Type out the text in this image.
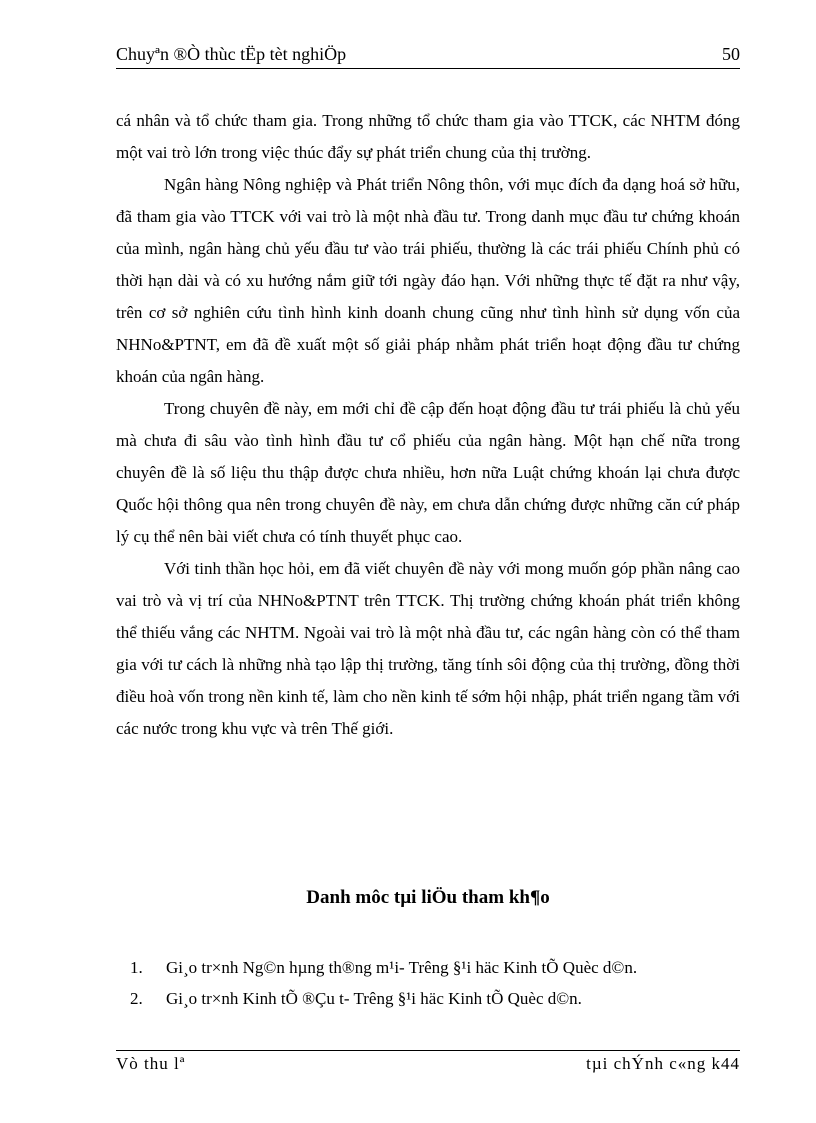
Chuyªn ®Ò thùc tËp tèt nghiÖp	50

cá nhân và tổ chức tham gia. Trong những tổ chức tham gia vào TTCK, các NHTM đóng một vai trò lớn trong việc thúc đẩy sự phát triển chung của thị trường.

Ngân hàng Nông nghiệp và Phát triển Nông thôn, với mục đích đa dạng hoá sở hữu, đã tham gia vào TTCK với vai trò là một nhà đầu tư. Trong danh mục đầu tư chứng khoán của mình, ngân hàng chủ yếu đầu tư vào trái phiếu, thường là các trái phiếu Chính phủ có thời hạn dài và có xu hướng nắm giữ tới ngày đáo hạn. Với những thực tế đặt ra như vậy, trên cơ sở nghiên cứu tình hình kinh doanh chung cũng như tình hình sử dụng vốn của NHNo&PTNT, em đã đề xuất một số giải pháp nhằm phát triển hoạt động đầu tư chứng khoán của ngân hàng.

Trong chuyên đề này, em mới chỉ đề cập đến hoạt động đầu tư trái phiếu là chủ yếu mà chưa đi sâu vào tình hình đầu tư cổ phiếu của ngân hàng. Một hạn chế nữa trong chuyên đề là số liệu thu thập được chưa nhiều, hơn nữa Luật chứng khoán lại chưa được Quốc hội thông qua nên trong chuyên đề này, em chưa dẫn chứng được những căn cứ pháp lý cụ thể nên bài viết chưa có tính thuyết phục cao.

Với tinh thần học hỏi, em đã viết chuyên đề này với mong muốn góp phần nâng cao vai trò và vị trí của NHNo&PTNT trên TTCK. Thị trường chứng khoán phát triển không thể thiếu vắng các NHTM. Ngoài vai trò là một nhà đầu tư, các ngân hàng còn có thể tham gia với tư cách là những nhà tạo lập thị trường, tăng tính sôi động của thị trường, đồng thời điều hoà vốn trong nền kinh tế, làm cho nền kinh tế sớm hội nhập, phát triển ngang tầm với các nước trong khu vực và trên Thế giới.

Danh môc tµi liÖu tham kh¶o
1. Gi¸o tr×nh Ng©n hµng th®ng m¹i- Trêng §¹i häc Kinh tÕ Quèc d©n.
2. Gi¸o tr×nh Kinh tÕ ®Çu t- Trêng §¹i häc Kinh tÕ Quèc d©n.
Vò thu lª	tµi chÝnh c«ng k44
